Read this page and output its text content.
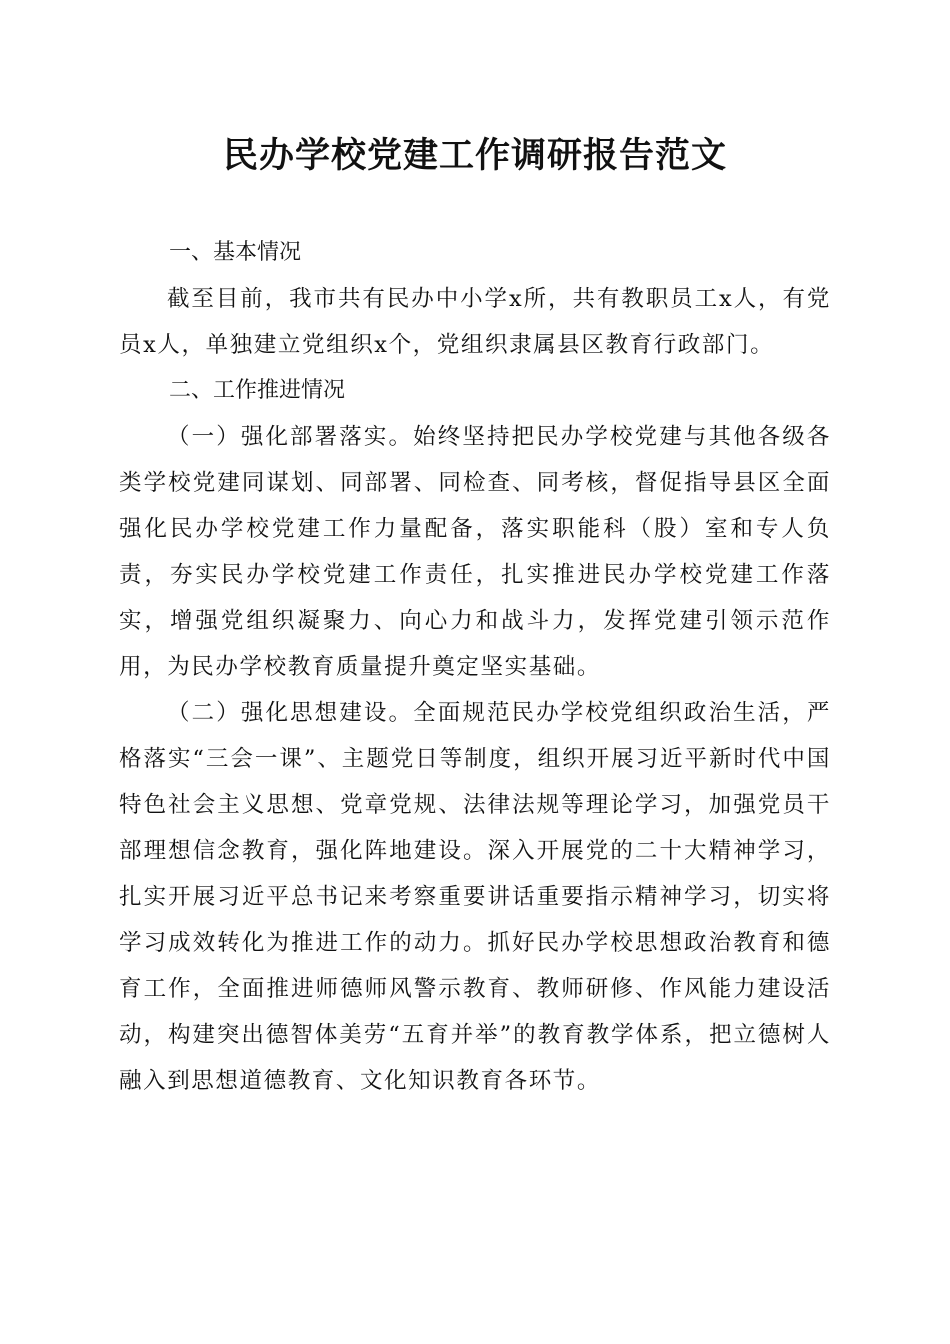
民办学校党建工作调研报告范文
一、基本情况

截至目前，我市共有民办中小学x所，共有教职员工x人，有党员x人，单独建立党组织x个，党组织隶属县区教育行政部门。

二、工作推进情况

（一）强化部署落实。始终坚持把民办学校党建与其他各级各类学校党建同谋划、同部署、同检查、同考核，督促指导县区全面强化民办学校党建工作力量配备，落实职能科（股）室和专人负责，夯实民办学校党建工作责任，扎实推进民办学校党建工作落实，增强党组织凝聚力、向心力和战斗力，发挥党建引领示范作用，为民办学校教育质量提升奠定坚实基础。

（二）强化思想建设。全面规范民办学校党组织政治生活，严格落实“三会一课”、主题党日等制度，组织开展习近平新时代中国特色社会主义思想、党章党规、法律法规等理论学习，加强党员干部理想信念教育，强化阵地建设。深入开展党的二十大精神学习，扎实开展习近平总书记来考察重要讲话重要指示精神学习，切实将学习成效转化为推进工作的动力。抓好民办学校思想政治教育和德育工作，全面推进师德师风警示教育、教师研修、作风能力建设活动，构建突出德智体美劳“五育并举”的教育教学体系，把立德树人融入到思想道德教育、文化知识教育各环节。
